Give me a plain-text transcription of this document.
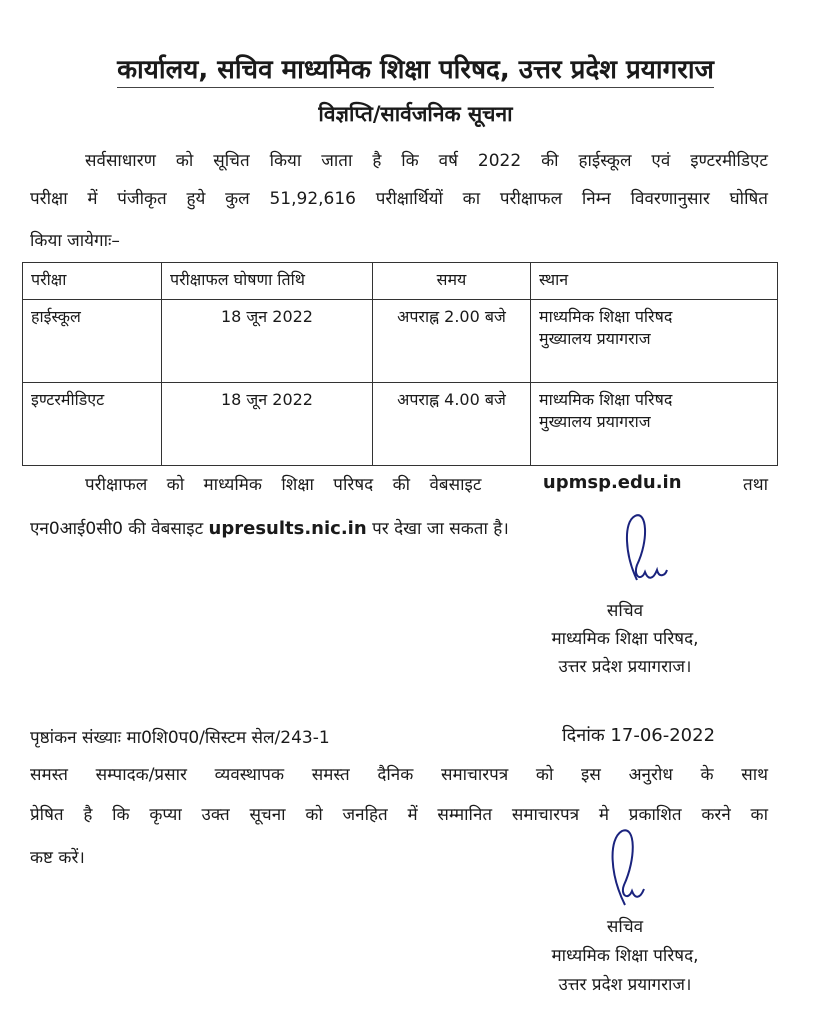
कार्यालय, सचिव माध्यमिक शिक्षा परिषद, उत्तर प्रदेश प्रयागराज
विज्ञप्ति/सार्वजनिक सूचना
सर्वसाधारण को सूचित किया जाता है कि वर्ष 2022 की हाईस्कूल एवं इण्टरमीडिएट
परीक्षा में पंजीकृत हुये कुल 51,92,616 परीक्षार्थियों का परीक्षाफल निम्न विवरणानुसार घोषित
किया जायेगाः–
परीक्षा	परीक्षाफल घोषणा तिथि	समय	स्थान
हाईस्कूल	18 जून 2022	अपराह्न 2.00 बजे	माध्यमिक शिक्षा परिषद
मुख्यालय प्रयागराज

इण्टरमीडिएट	18 जून 2022	अपराह्न 4.00 बजे	माध्यमिक शिक्षा परिषद
मुख्यालय प्रयागराज
परीक्षाफल को माध्यमिक शिक्षा परिषद की वेबसाइट	upmsp.edu.in	तथा
एन0आई0सी0 की वेबसाइट upresults.nic.in पर देखा जा सकता है।
सचिव
माध्यमिक शिक्षा परिषद,
उत्तर प्रदेश प्रयागराज।
पृष्ठांकन संख्याः मा0शि0प0/सिस्टम सेल/243-1	दिनांक 17-06-2022
समस्त सम्पादक/प्रसार व्यवस्थापक समस्त दैनिक समाचारपत्र को इस अनुरोध के साथ
प्रेषित है कि कृप्या उक्त सूचना को जनहित में सम्मानित समाचारपत्र मे प्रकाशित करने का
कष्ट करें।
सचिव
माध्यमिक शिक्षा परिषद,
उत्तर प्रदेश प्रयागराज।
